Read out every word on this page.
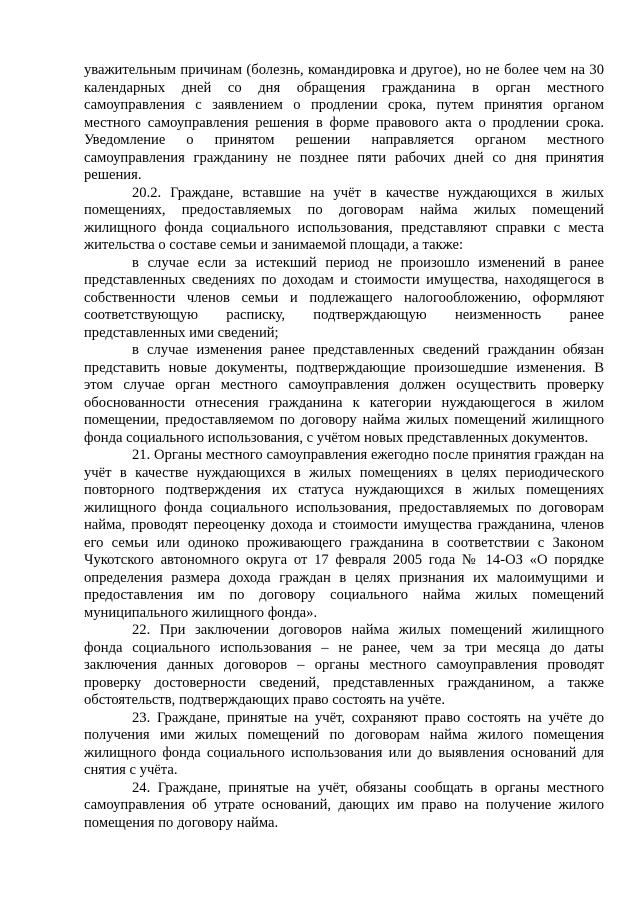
уважительным причинам (болезнь, командировка и другое), но не более чем на 30 календарных дней со дня обращения гражданина в орган местного самоуправления с заявлением о продлении срока, путем принятия органом местного самоуправления решения в форме правового акта о продлении срока. Уведомление о принятом решении направляется органом местного самоуправления гражданину не позднее пяти рабочих дней со дня принятия решения.

20.2. Граждане, вставшие на учёт в качестве нуждающихся в жилых помещениях, предоставляемых по договорам найма жилых помещений жилищного фонда социального использования, представляют справки с места жительства о составе семьи и занимаемой площади, а также:

в случае если за истекший период не произошло изменений в ранее представленных сведениях по доходам и стоимости имущества, находящегося в собственности членов семьи и подлежащего налогообложению, оформляют соответствующую расписку, подтверждающую неизменность ранее представленных ими сведений;

в случае изменения ранее представленных сведений гражданин обязан представить новые документы, подтверждающие произошедшие изменения. В этом случае орган местного самоуправления должен осуществить проверку обоснованности отнесения гражданина к категории нуждающегося в жилом помещении, предоставляемом по договору найма жилых помещений жилищного фонда социального использования, с учётом новых представленных документов.

21. Органы местного самоуправления ежегодно после принятия граждан на учёт в качестве нуждающихся в жилых помещениях в целях периодического повторного подтверждения их статуса нуждающихся в жилых помещениях жилищного фонда социального использования, предоставляемых по договорам найма, проводят переоценку дохода и стоимости имущества гражданина, членов его семьи или одиноко проживающего гражданина в соответствии с Законом Чукотского автономного округа от 17 февраля 2005 года № 14-ОЗ «О порядке определения размера дохода граждан в целях признания их малоимущими и предоставления им по договору социального найма жилых помещений муниципального жилищного фонда».

22. При заключении договоров найма жилых помещений жилищного фонда социального использования – не ранее, чем за три месяца до даты заключения данных договоров – органы местного самоуправления проводят проверку достоверности сведений, представленных гражданином, а также обстоятельств, подтверждающих право состоять на учёте.

23. Граждане, принятые на учёт, сохраняют право состоять на учёте до получения ими жилых помещений по договорам найма жилого помещения жилищного фонда социального использования или до выявления оснований для снятия с учёта.

24. Граждане, принятые на учёт, обязаны сообщать в органы местного самоуправления об утрате оснований, дающих им право на получение жилого помещения по договору найма.
